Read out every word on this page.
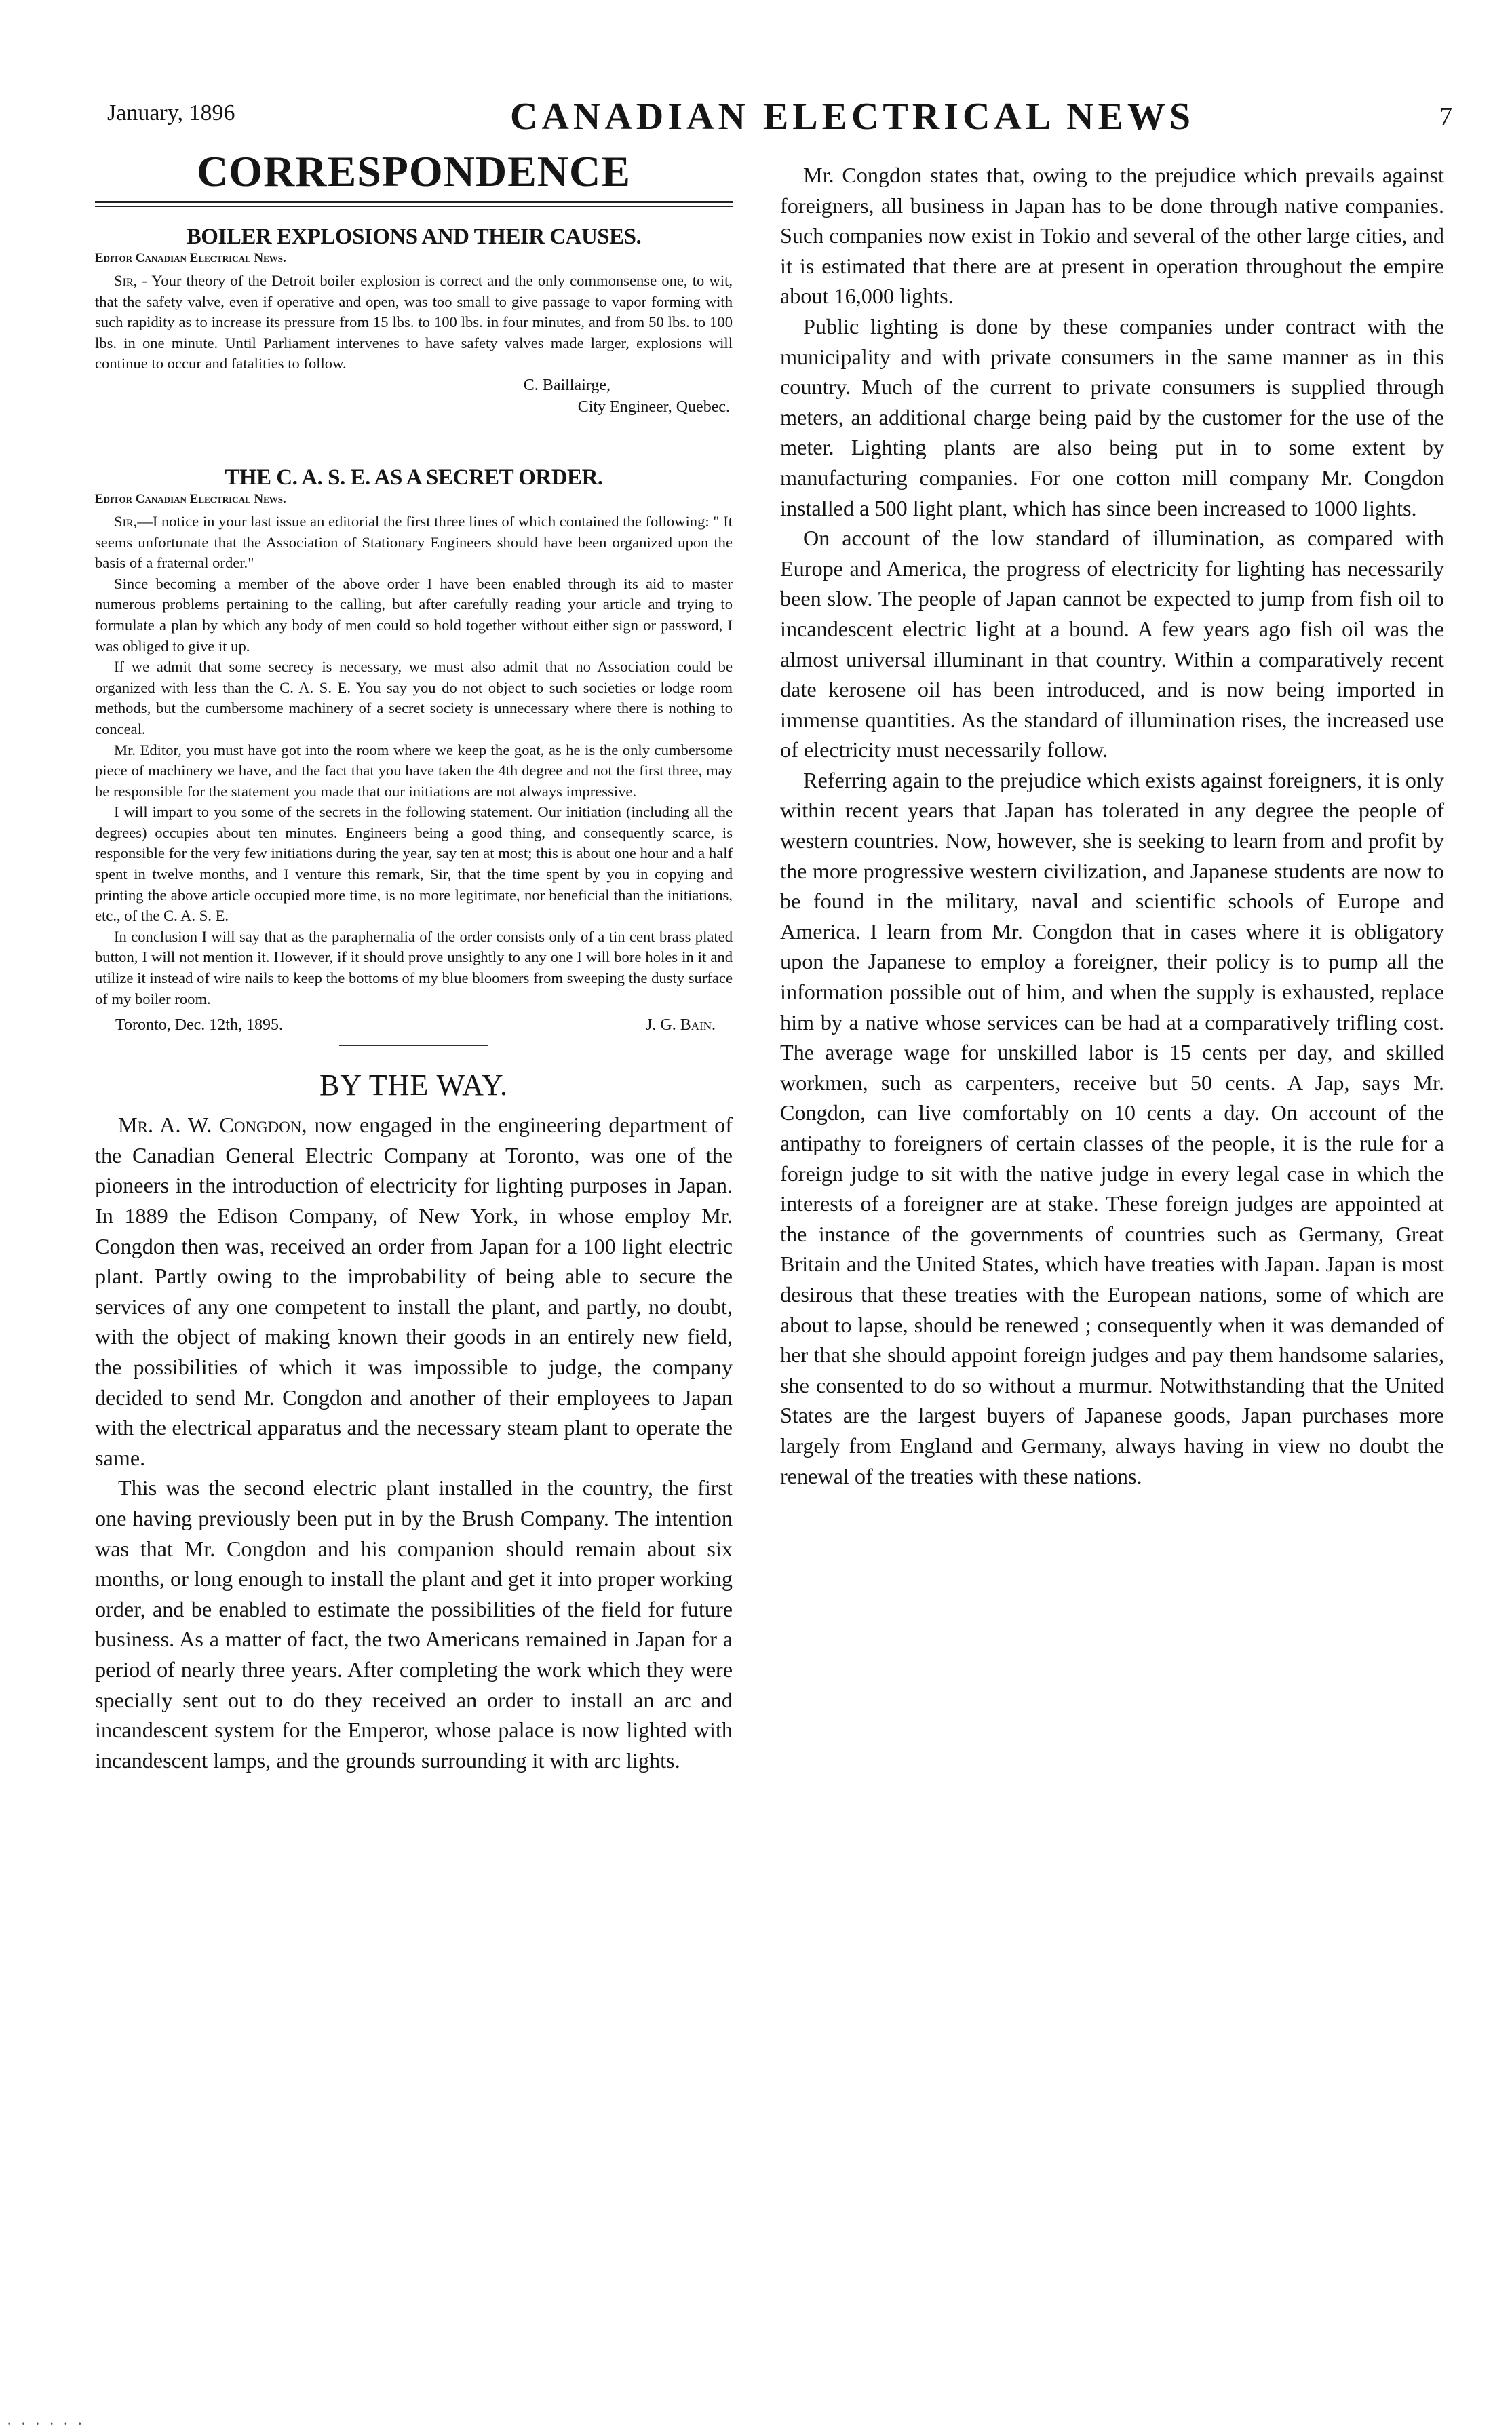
January, 1896	CANADIAN ELECTRICAL NEWS	7
CORRESPONDENCE
BOILER EXPLOSIONS AND THEIR CAUSES.
Editor Canadian Electrical News.

Sir, - Your theory of the Detroit boiler explosion is correct and the only commonsense one, to wit, that the safety valve, even if operative and open, was too small to give passage to vapor forming with such rapidity as to increase its pressure from 15 lbs. to 100 lbs. in four minutes, and from 50 lbs. to 100 lbs. in one minute. Until Parliament intervenes to have safety valves made larger, explosions will continue to occur and fatalities to follow.

C. Baillairge,
City Engineer, Quebec.
THE C. A. S. E. AS A SECRET ORDER.
Editor Canadian Electrical News.

Sir,—I notice in your last issue an editorial the first three lines of which contained the following: " It seems unfortunate that the Association of Stationary Engineers should have been organized upon the basis of a fraternal order."

Since becoming a member of the above order I have been enabled through its aid to master numerous problems pertaining to the calling, but after carefully reading your article and trying to formulate a plan by which any body of men could so hold together without either sign or password, I was obliged to give it up.

If we admit that some secrecy is necessary, we must also admit that no Association could be organized with less than the C. A. S. E. You say you do not object to such societies or lodge room methods, but the cumbersome machinery of a secret society is unnecessary where there is nothing to conceal.

Mr. Editor, you must have got into the room where we keep the goat, as he is the only cumbersome piece of machinery we have, and the fact that you have taken the 4th degree and not the first three, may be responsible for the statement you made that our initiations are not always impressive.

I will impart to you some of the secrets in the following statement. Our initiation (including all the degrees) occupies about ten minutes. Engineers being a good thing, and consequently scarce, is responsible for the very few initiations during the year, say ten at most; this is about one hour and a half spent in twelve months, and I venture this remark, Sir, that the time spent by you in copying and printing the above article occupied more time, is no more legitimate, nor beneficial than the initiations, etc., of the C. A. S. E.

In conclusion I will say that as the paraphernalia of the order consists only of a tin cent brass plated button, I will not mention it. However, if it should prove unsightly to any one I will bore holes in it and utilize it instead of wire nails to keep the bottoms of my blue bloomers from sweeping the dusty surface of my boiler room.

Toronto, Dec. 12th, 1895.	J. G. Bain.
BY THE WAY.

Mr. A. W. Congdon, now engaged in the engineering department of the Canadian General Electric Company at Toronto, was one of the pioneers in the introduction of electricity for lighting purposes in Japan. In 1889 the Edison Company, of New York, in whose employ Mr. Congdon then was, received an order from Japan for a 100 light electric plant. Partly owing to the improbability of being able to secure the services of any one competent to install the plant, and partly, no doubt, with the object of making known their goods in an entirely new field, the possibilities of which it was impossible to judge, the company decided to send Mr. Congdon and another of their employees to Japan with the electrical apparatus and the necessary steam plant to operate the same.

This was the second electric plant installed in the country, the first one having previously been put in by the Brush Company. The intention was that Mr. Congdon and his companion should remain about six months, or long enough to install the plant and get it into proper working order, and be enabled to estimate the possibilities of the field for future business. As a matter of fact, the two Americans remained in Japan for a period of nearly three years. After completing the work which they were specially sent out to do they received an order to install an arc and incandescent system for the Emperor, whose palace is now lighted with incandescent lamps, and the grounds surrounding it with arc lights.

Mr. Congdon states that, owing to the prejudice which prevails against foreigners, all business in Japan has to be done through native companies. Such companies now exist in Tokio and several of the other large cities, and it is estimated that there are at present in operation throughout the empire about 16,000 lights.

Public lighting is done by these companies under contract with the municipality and with private consumers in the same manner as in this country. Much of the current to private consumers is supplied through meters, an additional charge being paid by the customer for the use of the meter. Lighting plants are also being put in to some extent by manufacturing companies. For one cotton mill company Mr. Congdon installed a 500 light plant, which has since been increased to 1000 lights.

On account of the low standard of illumination, as compared with Europe and America, the progress of electricity for lighting has necessarily been slow. The people of Japan cannot be expected to jump from fish oil to incandescent electric light at a bound. A few years ago fish oil was the almost universal illuminant in that country. Within a comparatively recent date kerosene oil has been introduced, and is now being imported in immense quantities. As the standard of illumination rises, the increased use of electricity must necessarily follow.

Referring again to the prejudice which exists against foreigners, it is only within recent years that Japan has tolerated in any degree the people of western countries. Now, however, she is seeking to learn from and profit by the more progressive western civilization, and Japanese students are now to be found in the military, naval and scientific schools of Europe and America. I learn from Mr. Congdon that in cases where it is obligatory upon the Japanese to employ a foreigner, their policy is to pump all the information possible out of him, and when the supply is exhausted, replace him by a native whose services can be had at a comparatively trifling cost. The average wage for unskilled labor is 15 cents per day, and skilled workmen, such as carpenters, receive but 50 cents. A Jap, says Mr. Congdon, can live comfortably on 10 cents a day. On account of the antipathy to foreigners of certain classes of the people, it is the rule for a foreign judge to sit with the native judge in every legal case in which the interests of a foreigner are at stake. These foreign judges are appointed at the instance of the governments of countries such as Germany, Great Britain and the United States, which have treaties with Japan. Japan is most desirous that these treaties with the European nations, some of which are about to lapse, should be renewed ; consequently when it was demanded of her that she should appoint foreign judges and pay them handsome salaries, she consented to do so without a murmur. Notwithstanding that the United States are the largest buyers of Japanese goods, Japan purchases more largely from England and Germany, always having in view no doubt the renewal of the treaties with these nations.

· · · · · ·
